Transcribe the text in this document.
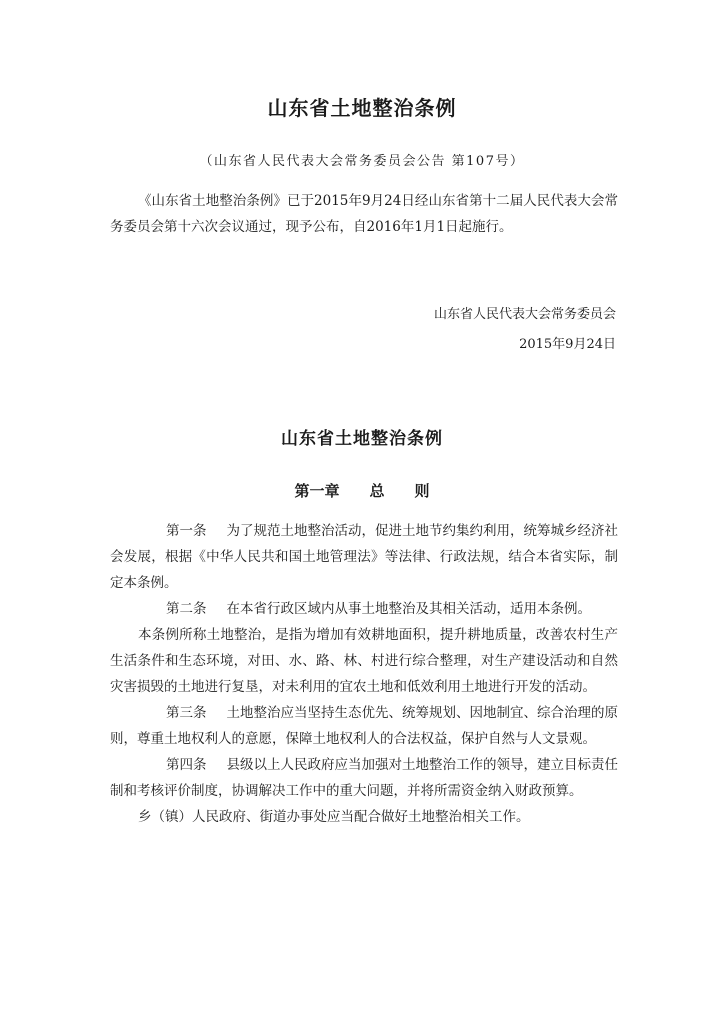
山东省土地整治条例

（山东省人民代表大会常务委员会公告 第107号）

《山东省土地整治条例》已于2015年9月24日经山东省第十二届人民代表大会常务委员会第十六次会议通过，现予公布，自2016年1月1日起施行。

山东省人民代表大会常务委员会

2015年9月24日

山东省土地整治条例
第一章 总 则

第一条 为了规范土地整治活动，促进土地节约集约利用，统筹城乡经济社会发展，根据《中华人民共和国土地管理法》等法律、行政法规，结合本省实际，制定本条例。

第二条 在本省行政区域内从事土地整治及其相关活动，适用本条例。

本条例所称土地整治，是指为增加有效耕地面积，提升耕地质量，改善农村生产生活条件和生态环境，对田、水、路、林、村进行综合整理，对生产建设活动和自然灾害损毁的土地进行复垦，对未利用的宜农土地和低效利用土地进行开发的活动。

第三条 土地整治应当坚持生态优先、统筹规划、因地制宜、综合治理的原则，尊重土地权利人的意愿，保障土地权利人的合法权益，保护自然与人文景观。

第四条 县级以上人民政府应当加强对土地整治工作的领导，建立目标责任制和考核评价制度，协调解决工作中的重大问题，并将所需资金纳入财政预算。

乡（镇）人民政府、街道办事处应当配合做好土地整治相关工作。
